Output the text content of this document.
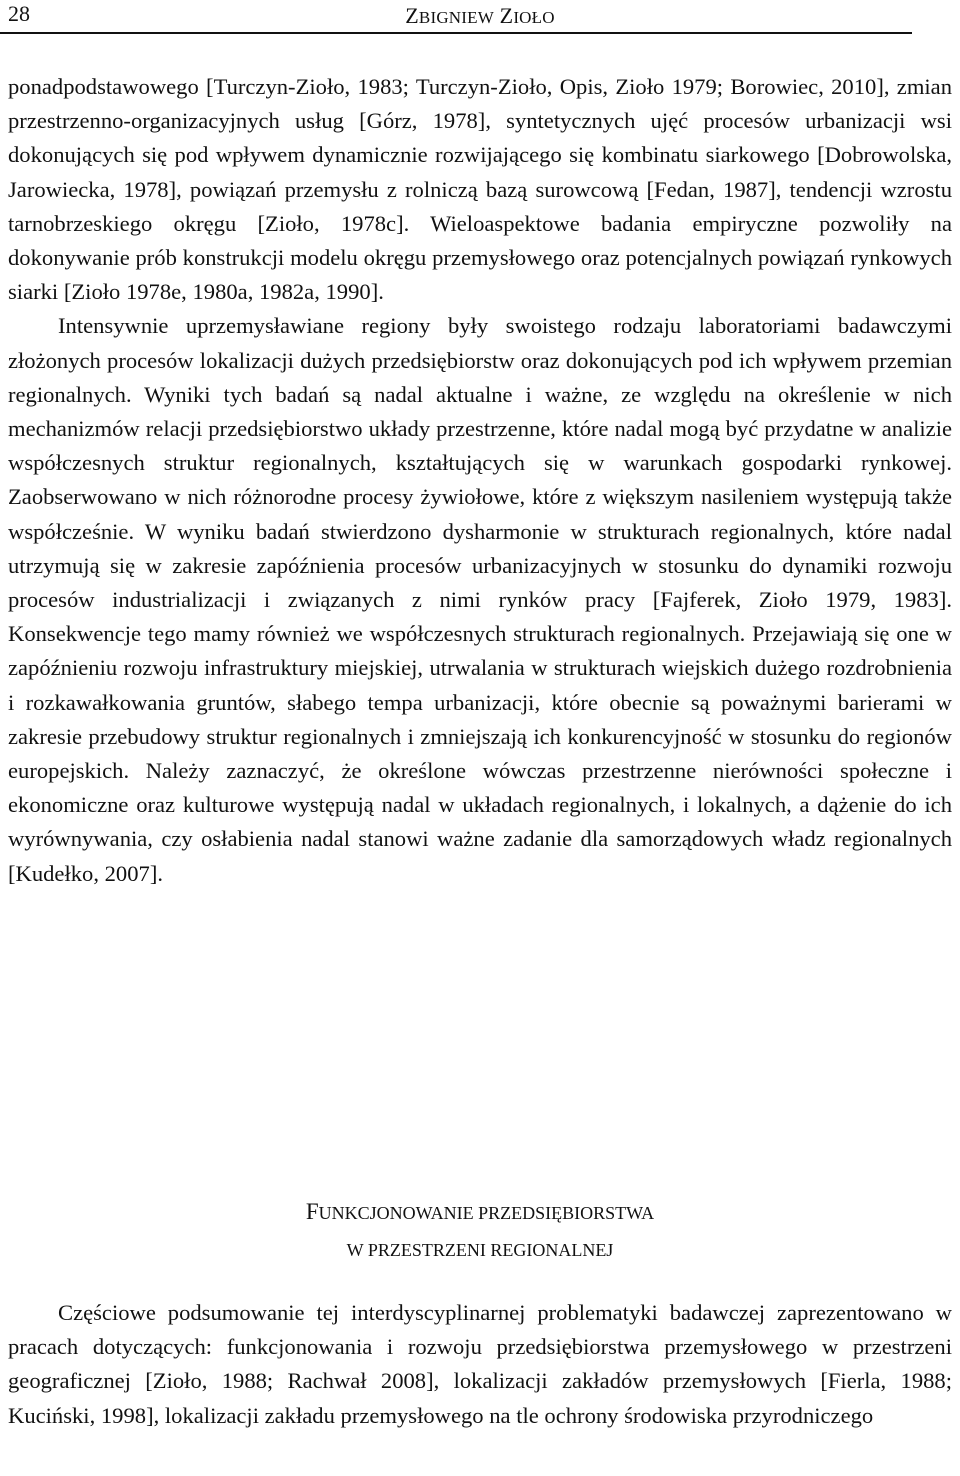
28	ZBIGNIEW ZIOŁO

ponadpodstawowego [Turczyn-Zioło, 1983; Turczyn-Zioło, Opis, Zioło 1979; Borowiec, 2010], zmian przestrzenno-organizacyjnych usług [Górz, 1978], syntetycznych ujęć procesów urbanizacji wsi dokonujących się pod wpływem dynamicznie rozwijającego się kombinatu siarkowego [Dobrowolska, Jarowiecka, 1978], powiązań przemysłu z rolniczą bazą surowcową [Fedan, 1987], tendencji wzrostu tarnobrzeskiego okręgu [Zioło, 1978c]. Wieloaspektowe badania empiryczne pozwoliły na dokonywanie prób konstrukcji modelu okręgu przemysłowego oraz potencjalnych powiązań rynkowych siarki [Zioło 1978e, 1980a, 1982a, 1990].

Intensywnie uprzemysławiane regiony były swoistego rodzaju laboratoriami badawczymi złożonych procesów lokalizacji dużych przedsiębiorstw oraz dokonujących pod ich wpływem przemian regionalnych. Wyniki tych badań są nadal aktualne i ważne, ze względu na określenie w nich mechanizmów relacji przedsiębiorstwo układy przestrzenne, które nadal mogą być przydatne w analizie współczesnych struktur regionalnych, kształtujących się w warunkach gospodarki rynkowej. Zaobserwowano w nich różnorodne procesy żywiołowe, które z większym nasileniem występują także współcześnie. W wyniku badań stwierdzono dysharmonie w strukturach regionalnych, które nadal utrzymują się w zakresie zapóźnienia procesów urbanizacyjnych w stosunku do dynamiki rozwoju procesów industrializacji i związanych z nimi rynków pracy [Fajferek, Zioło 1979, 1983]. Konsekwencje tego mamy również we współczesnych strukturach regionalnych. Przejawiają się one w zapóźnieniu rozwoju infrastruktury miejskiej, utrwalania w strukturach wiejskich dużego rozdrobnienia i rozkawałkowania gruntów, słabego tempa urbanizacji, które obecnie są poważnymi barierami w zakresie przebudowy struktur regionalnych i zmniejszają ich konkurencyjność w stosunku do regionów europejskich. Należy zaznaczyć, że określone wówczas przestrzenne nierówności społeczne i ekonomiczne oraz kulturowe występują nadal w układach regionalnych, i lokalnych, a dążenie do ich wyrównywania, czy osłabienia nadal stanowi ważne zadanie dla samorządowych władz regionalnych [Kudełko, 2007].

FUNKCJONOWANIE PRZEDSIĘBIORSTWA
W PRZESTRZENI REGIONALNEJ

Częściowe podsumowanie tej interdyscyplinarnej problematyki badawczej zaprezentowano w pracach dotyczących: funkcjonowania i rozwoju przedsiębiorstwa przemysłowego w przestrzeni geograficznej [Zioło, 1988; Rachwał 2008], lokalizacji zakładów przemysłowych [Fierla, 1988; Kuciński, 1998], lokalizacji zakładu przemysłowego na tle ochrony środowiska przyrodniczego
